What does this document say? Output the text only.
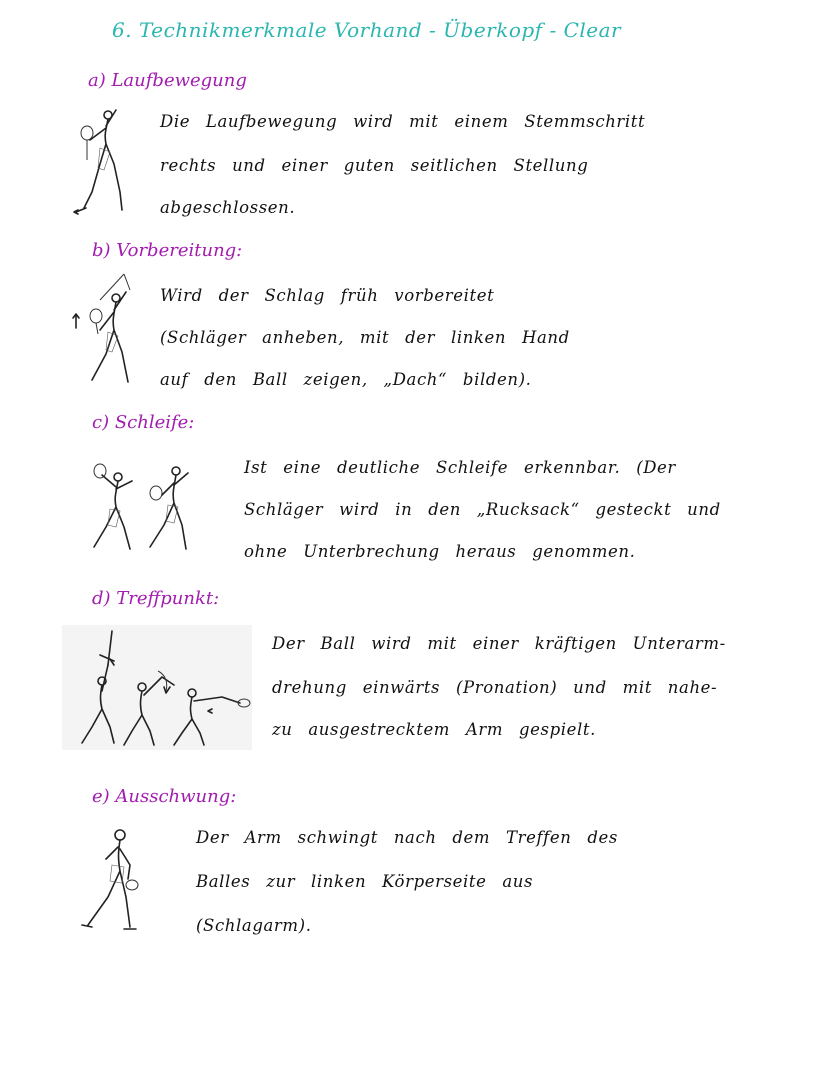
6. Technikmerkmale Vorhand - Überkopf - Clear
a) Laufbewegung
Die Laufbewegung wird mit einem Stemmschritt
rechts und einer guten seitlichen Stellung
abgeschlossen.
b) Vorbereitung:
Wird der Schlag früh vorbereitet
(Schläger anheben, mit der linken Hand
auf den Ball zeigen, „Dach“ bilden).
c) Schleife:
Ist eine deutliche Schleife erkennbar. (Der
Schläger wird in den „Rucksack“ gesteckt und
ohne Unterbrechung heraus genommen.
d) Treffpunkt:
Der Ball wird mit einer kräftigen Unterarm-
drehung einwärts (Pronation) und mit nahe-
zu ausgestrecktem Arm gespielt.
e) Ausschwung:
Der Arm schwingt nach dem Treffen des
Balles zur linken Körperseite aus
(Schlagarm).
